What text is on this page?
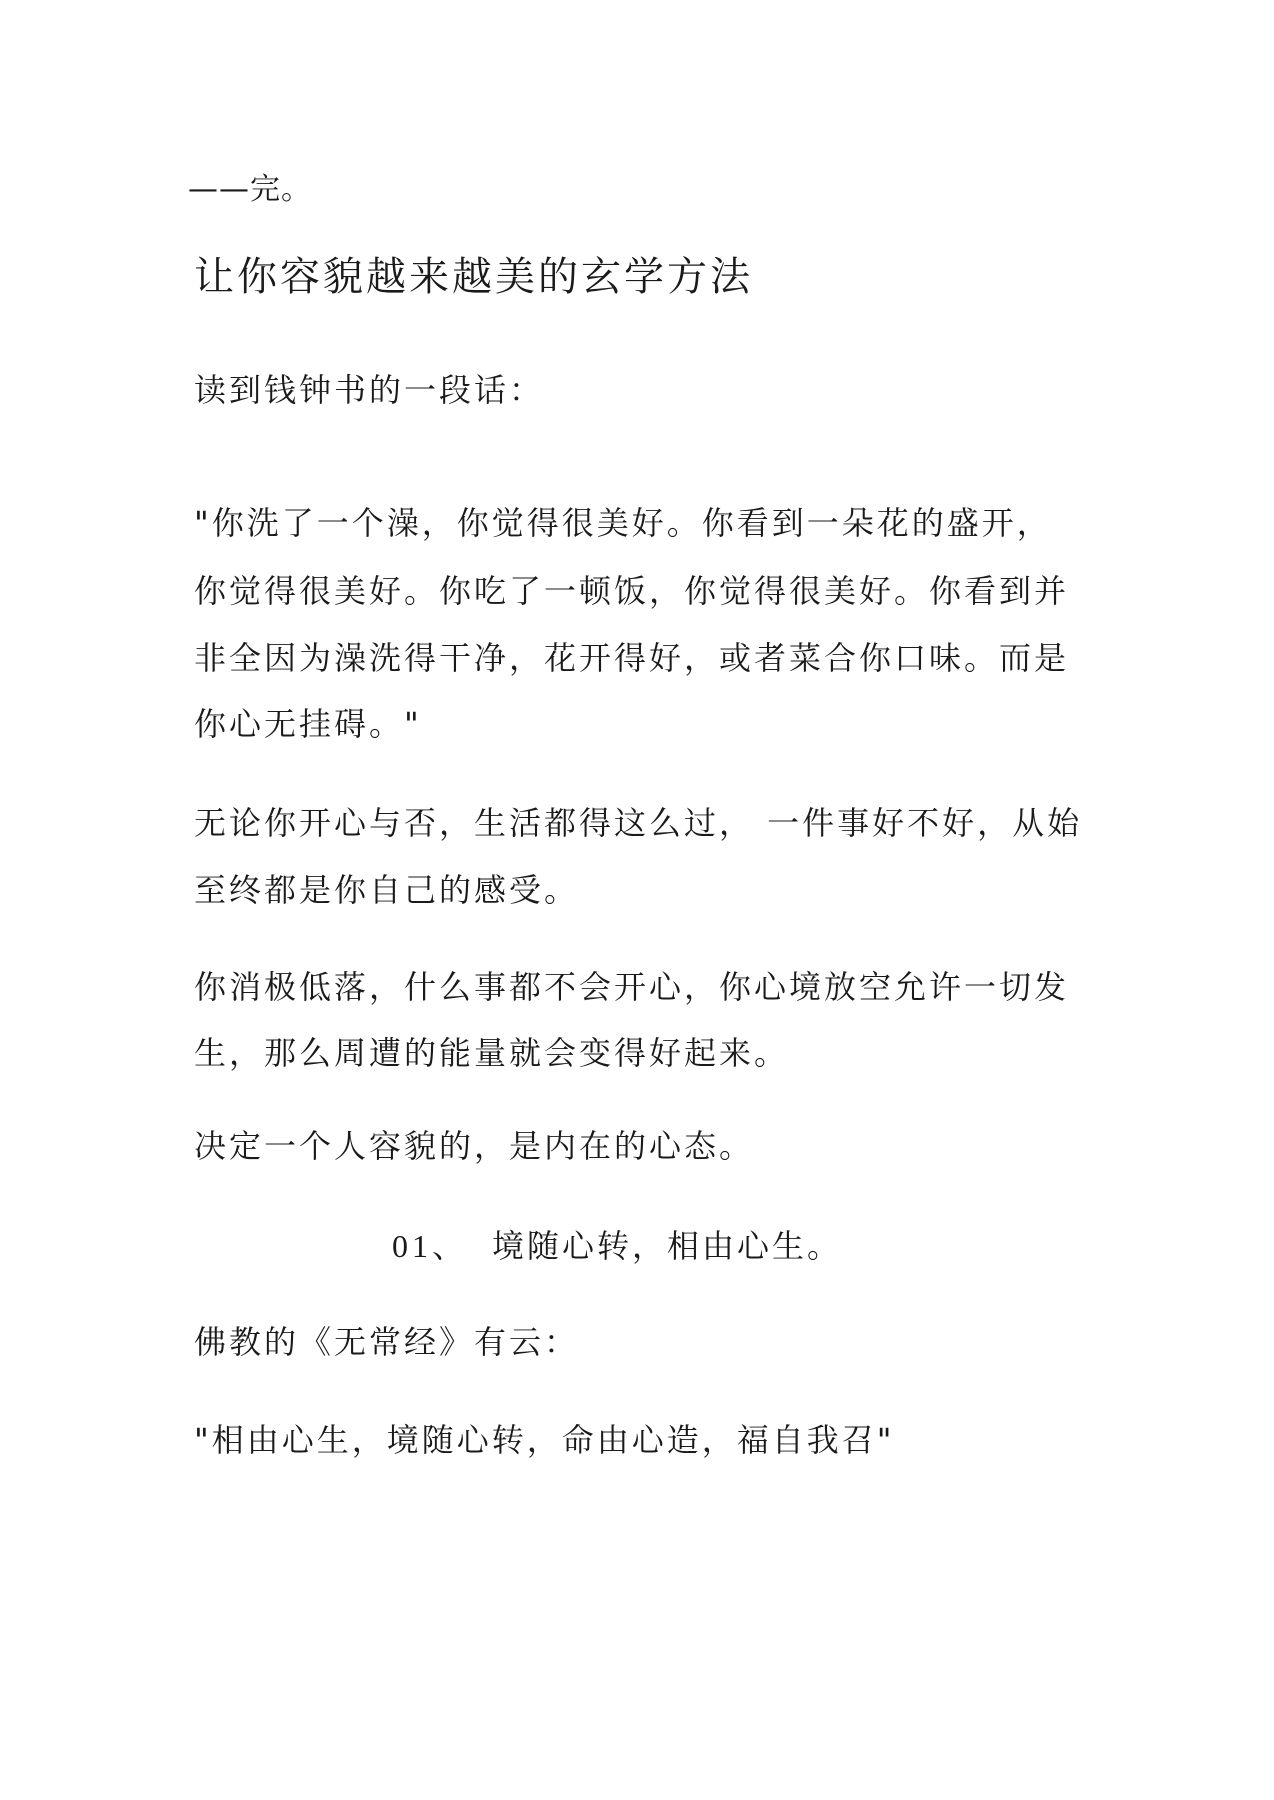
——完。

让你容貌越来越美的玄学方法

读到钱钟书的一段话：

"你洗了一个澡，你觉得很美好。你看到一朵花的盛开，

你觉得很美好。你吃了一顿饭，你觉得很美好。你看到并

非全因为澡洗得干净，花开得好，或者菜合你口味。而是

你心无挂碍。"

无论你开心与否，生活都得这么过， 一件事好不好，从始

至终都是你自己的感受。

你消极低落，什么事都不会开心，你心境放空允许一切发

生，那么周遭的能量就会变得好起来。

决定一个人容貌的，是内在的心态。

01、 境随心转，相由心生。

佛教的《无常经》有云：

"相由心生，境随心转，命由心造，福自我召"
